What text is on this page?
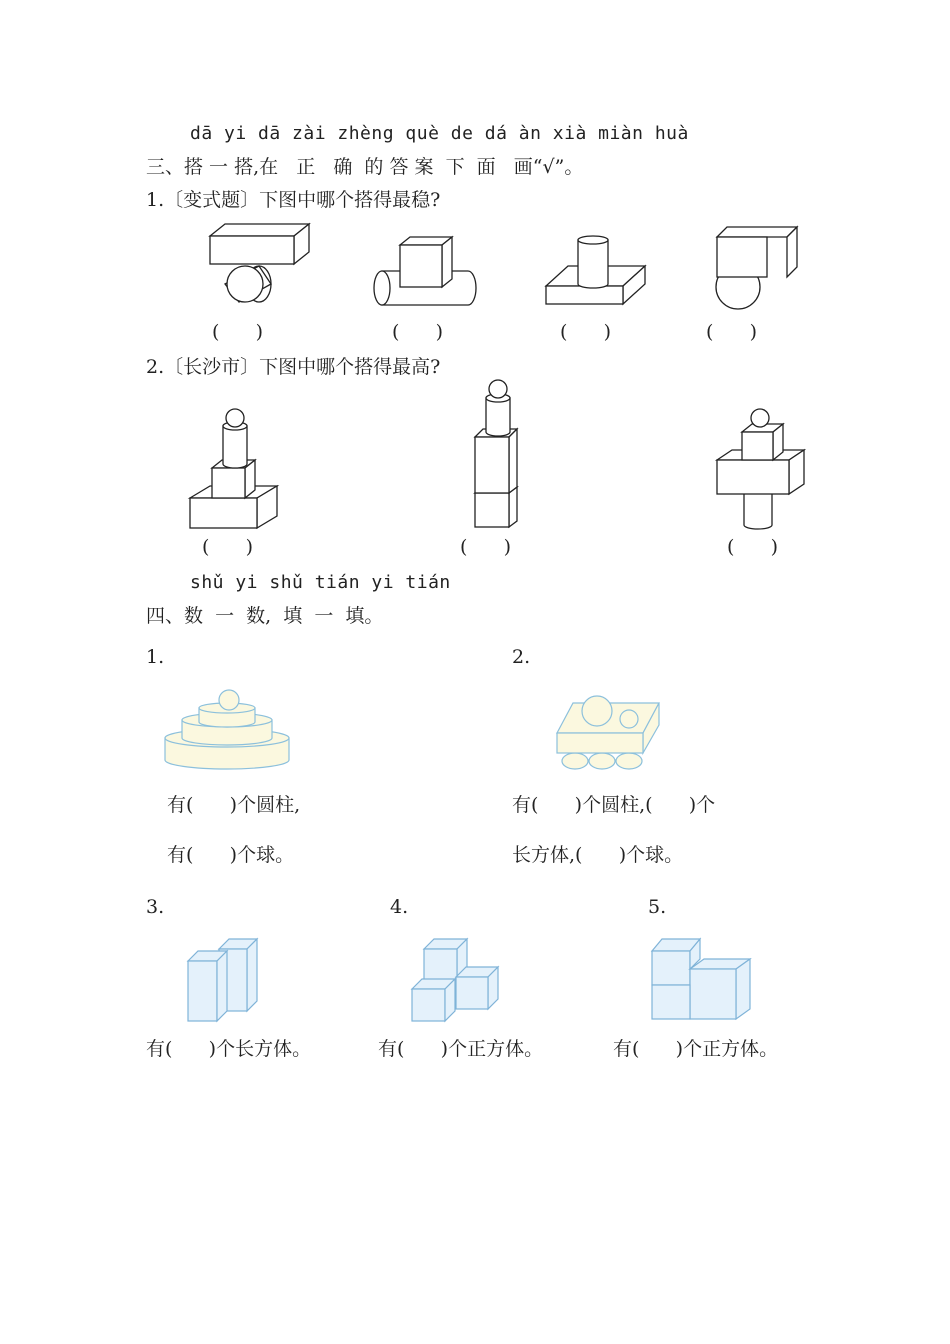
dā yi dā zài zhèng què de dá àn xià miàn huà
三、搭 一 搭,在   正   确  的 答 案  下  面   画“√”。
1.〔变式题〕下图中哪个搭得最稳?
(      )	(      )	(      )	(      )
2.〔长沙市〕下图中哪个搭得最高?
(      )	(      )	(      )
shǔ yi shǔ tián yi tián
四、数  一  数,  填  一  填。
1.	2.
有(      )个圆柱,
有(      )个球。
有(      )个圆柱,(      )个
长方体,(      )个球。
3.	4.	5.
有(      )个长方体。	有(      )个正方体。	有(      )个正方体。
